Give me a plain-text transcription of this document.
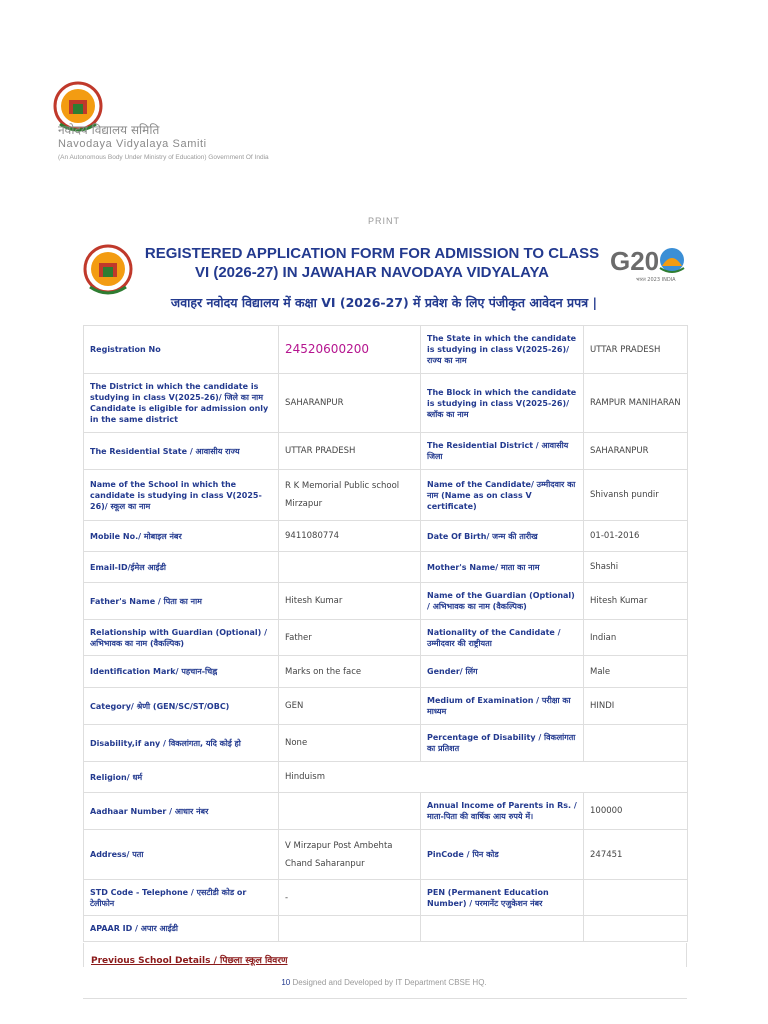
नवोदय विद्यालय समिति
Navodaya Vidyalaya Samiti
(An Autonomous Body Under Ministry of Education) Government Of India
PRINT
REGISTERED APPLICATION FORM FOR ADMISSION TO CLASS VI (2026-27) IN JAWAHAR NAVODAYA VIDYALAYA	G20
भारत 2023 INDIA
जवाहर नवोदय विद्यालय में कक्षा VI (2026-27) में प्रवेश के लिए पंजीकृत आवेदन प्रपत्र |
Registration No	24520600200	The State in which the candidate is studying in class V(2025-26)/ राज्य का नाम	UTTAR PRADESH
The District in which the candidate is studying in class V(2025-26)/ जिले का नाम Candidate is eligible for admission only in the same district	SAHARANPUR	The Block in which the candidate is studying in class V(2025-26)/ ब्लॉक का नाम	RAMPUR MANIHARAN
The Residential State / आवासीय राज्य	UTTAR PRADESH	The Residential District / आवासीय जिला	SAHARANPUR
Name of the School in which the candidate is studying in class V(2025-26)/ स्कूल का नाम	R K Memorial Public school Mirzapur	Name of the Candidate/ उम्मीदवार का नाम (Name as on class V certificate)	Shivansh pundir
Mobile No./ मोबाइल नंबर	9411080774	Date Of Birth/ जन्म की तारीख	01-01-2016
Email-ID/ईमेल आईडी		Mother's Name/ माता का नाम	Shashi
Father's Name / पिता का नाम	Hitesh Kumar	Name of the Guardian (Optional) / अभिभावक का नाम (वैकल्पिक)	Hitesh Kumar
Relationship with Guardian (Optional) / अभिभावक का नाम (वैकल्पिक)	Father	Nationality of the Candidate / उम्मीदवार की राष्ट्रीयता	Indian
Identification Mark/ पहचान-चिह्न	Marks on the face	Gender/ लिंग	Male
Category/ श्रेणी (GEN/SC/ST/OBC)	GEN	Medium of Examination / परीक्षा का माध्यम	HINDI
Disability,if any / विकलांगता, यदि कोई हो	None	Percentage of Disability / विकलांगता का प्रतिशत	
Religion/ धर्म	Hinduism		
Aadhaar Number / आधार नंबर		Annual Income of Parents in Rs. / माता-पिता की वार्षिक आय रुपये में।	100000
Address/ पता	V Mirzapur Post Ambehta Chand Saharanpur	PinCode / पिन कोड	247451
STD Code - Telephone / एसटीडी कोड or टेलीफोन	-	PEN (Permanent Education Number) / परमानेंट एजुकेशन नंबर	
APAAR ID / अपार आईडी			
Previous School Details / पिछला स्कूल विवरण
10 Designed and Developed by IT Department CBSE HQ.
